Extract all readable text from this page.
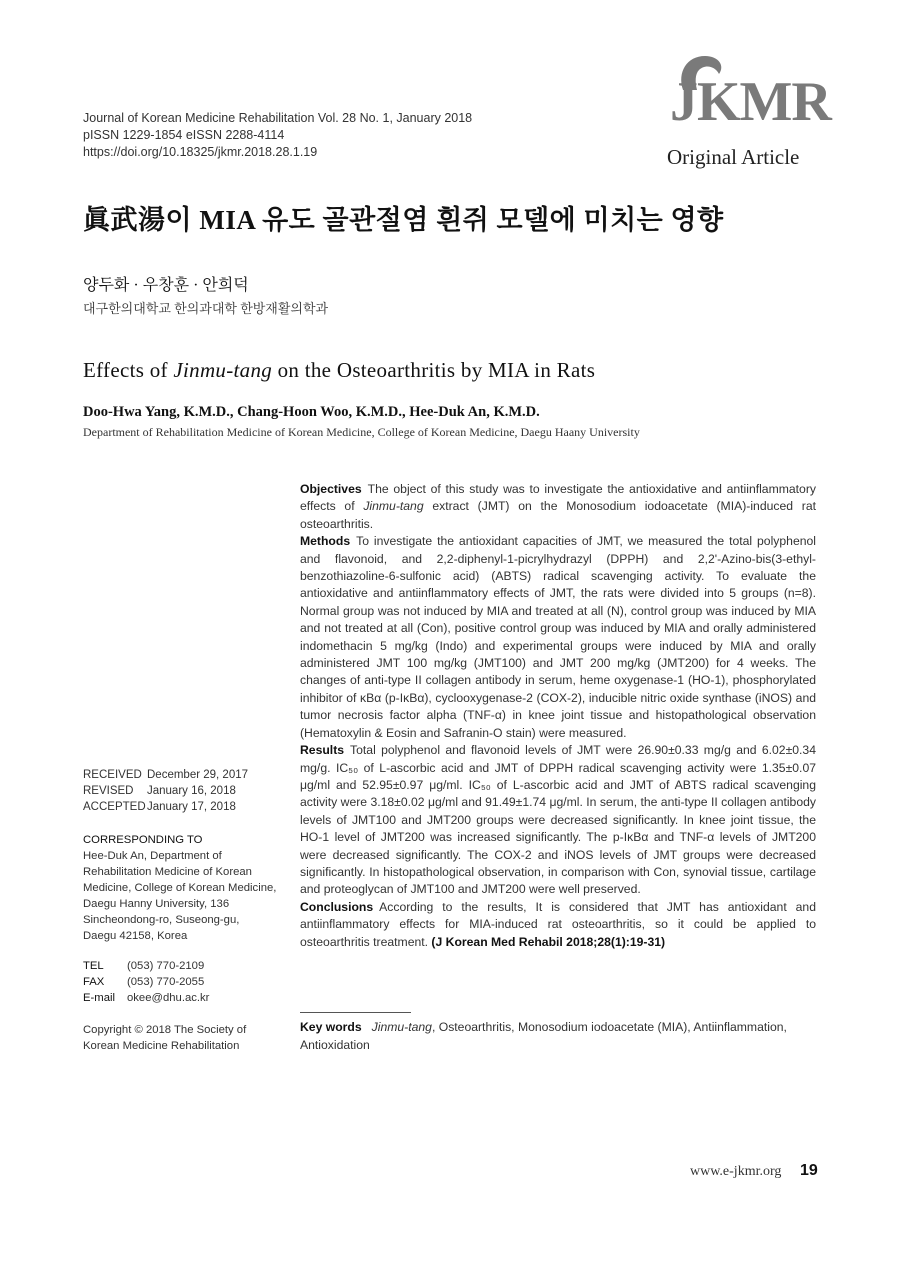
Journal of Korean Medicine Rehabilitation Vol. 28 No. 1, January 2018
pISSN 1229-1854 eISSN 2288-4114
https://doi.org/10.18325/jkmr.2018.28.1.19
JKMR
Original Article
眞武湯이 MIA 유도 골관절염 흰쥐 모델에 미치는 영향
양두화 · 우창훈 · 안희덕
대구한의대학교 한의과대학 한방재활의학과
Effects of Jinmu-tang on the Osteoarthritis by MIA in Rats
Doo-Hwa Yang, K.M.D., Chang-Hoon Woo, K.M.D., Hee-Duk An, K.M.D.
Department of Rehabilitation Medicine of Korean Medicine, College of Korean Medicine, Daegu Haany University

Objectives The object of this study was to investigate the antioxidative and antiinflammatory effects of Jinmu-tang extract (JMT) on the Monosodium iodoacetate (MIA)-induced rat osteoarthritis.

Methods To investigate the antioxidant capacities of JMT, we measured the total polyphenol and flavonoid, and 2,2-diphenyl-1-picrylhydrazyl (DPPH) and 2,2'-Azino-bis(3-ethyl-benzothiazoline-6-sulfonic acid) (ABTS) radical scavenging activity. To evaluate the antioxidative and antiinflammatory effects of JMT, the rats were divided into 5 groups (n=8). Normal group was not induced by MIA and treated at all (N), control group was induced by MIA and not treated at all (Con), positive control group was induced by MIA and orally administered indomethacin 5 mg/kg (Indo) and experimental groups were induced by MIA and orally administered JMT 100 mg/kg (JMT100) and JMT 200 mg/kg (JMT200) for 4 weeks. The changes of anti-type II collagen antibody in serum, heme oxygenase-1 (HO-1), phosphorylated inhibitor of κBα (p-IκBα), cyclooxygenase-2 (COX-2), inducible nitric oxide synthase (iNOS) and tumor necrosis factor alpha (TNF-α) in knee joint tissue and histopathological observation (Hematoxylin & Eosin and Safranin-O stain) were measured.

Results Total polyphenol and flavonoid levels of JMT were 26.90±0.33 mg/g and 6.02±0.34 mg/g. IC₅₀ of L-ascorbic acid and JMT of DPPH radical scavenging activity were 1.35±0.07 μg/ml and 52.95±0.97 μg/ml. IC₅₀ of L-ascorbic acid and JMT of ABTS radical scavenging activity were 3.18±0.02 μg/ml and 91.49±1.74 μg/ml. In serum, the anti-type II collagen antibody levels of JMT100 and JMT200 groups were decreased significantly. In knee joint tissue, the HO-1 level of JMT200 was increased significantly. The p-IκBα and TNF-α levels of JMT200 were decreased significantly. The COX-2 and iNOS levels of JMT groups were decreased significantly. In histopathological observation, in comparison with Con, synovial tissue, cartilage and proteoglycan of JMT100 and JMT200 were well preserved.

Conclusions According to the results, It is considered that JMT has antioxidant and antiinflammatory effects for MIA-induced rat osteoarthritis, so it could be applied to osteoarthritis treatment. (J Korean Med Rehabil 2018;28(1):19-31)

Key words Jinmu-tang, Osteoarthritis, Monosodium iodoacetate (MIA), Antiinflammation, Antioxidation
RECEIVED	December 29, 2017
REVISED	January 16, 2018
ACCEPTED	January 17, 2018
CORRESPONDING TO
Hee-Duk An, Department of
Rehabilitation Medicine of Korean
Medicine, College of Korean Medicine,
Daegu Hanny University, 136
Sincheondong-ro, Suseong-gu,
Daegu 42158, Korea
TEL	(053) 770-2109
FAX	(053) 770-2055
E-mail	okee@dhu.ac.kr
Copyright © 2018 The Society of
Korean Medicine Rehabilitation
www.e-jkmr.org 19
